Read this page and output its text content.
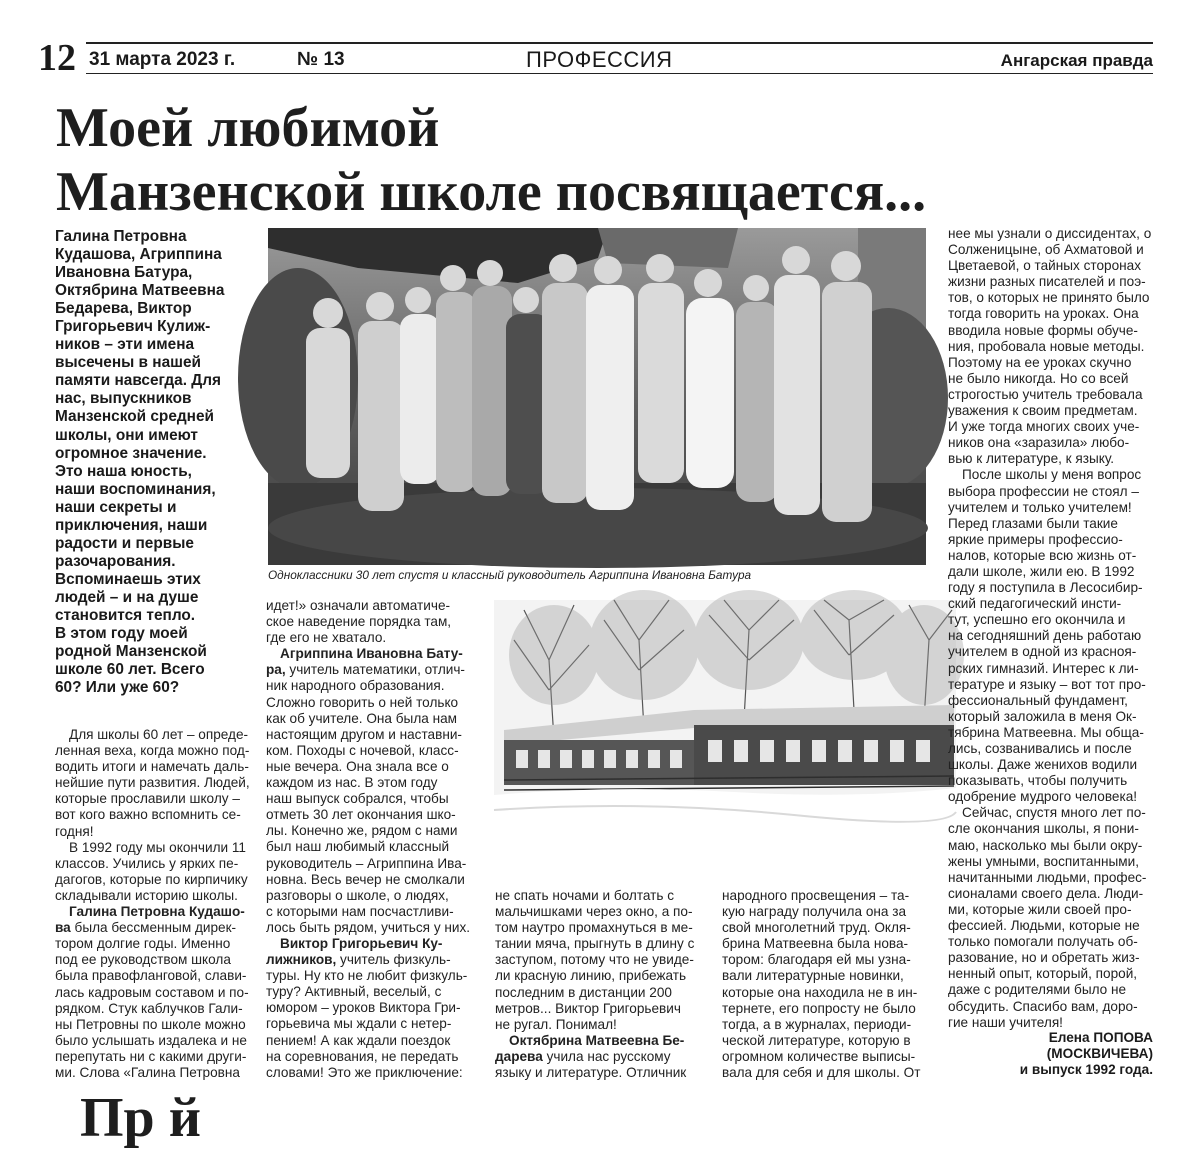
12 31 марта 2023 г.	№ 13	ПРОФЕССИЯ	Ангарская правда
Моей любимой
Манзенской школе посвящается...

Галина Петровна

Кудашова, Агриппина

Ивановна Батура,

Октябрина Матвеевна

Бедарева, Виктор

Григорьевич Кулиж-

ников – эти имена

высечены в нашей

памяти навсегда. Для

нас, выпускников

Манзенской средней

школы, они имеют

огромное значение.

Это наша юность,

наши воспоминания,

наши секреты и

приключения, наши

радости и первые

разочарования.

Вспоминаешь этих

людей – и на душе

становится тепло.

В этом году моей

родной Манзенской

школе 60 лет. Всего

60? Или уже 60?

Одноклассники 30 лет спустя и классный руководитель Агриппина Ивановна Батура

Для школы 60 лет – опреде-

ленная веха, когда можно под-

водить итоги и намечать даль-

нейшие пути развития. Людей,

которые прославили школу –

вот кого важно вспомнить се-

годня!

В 1992 году мы окончили 11

классов. Учились у ярких пе-

дагогов, которые по кирпичику

складывали историю школы.

Галина Петровна Кудашо-

ва была бессменным дирек-

тором долгие годы. Именно

под ее руководством школа

была правофланговой, слави-

лась кадровым составом и по-

рядком. Стук каблучков Гали-

ны Петровны по школе можно

было услышать издалека и не

перепутать ни с какими други-

ми. Слова «Галина Петровна

идет!» означали автоматиче-

ское наведение порядка там,

где его не хватало.

Агриппина Ивановна Бату-

ра, учитель математики, отлич-

ник народного образования.

Сложно говорить о ней только

как об учителе. Она была нам

настоящим другом и наставни-

ком. Походы с ночевой, класс-

ные вечера. Она знала все о

каждом из нас. В этом году

наш выпуск собрался, чтобы

отметь 30 лет окончания шко-

лы. Конечно же, рядом с нами

был наш любимый классный

руководитель – Агриппина Ива-

новна. Весь вечер не смолкали

разговоры о школе, о людях,

с которыми нам посчастливи-

лось быть рядом, учиться у них.

Виктор Григорьевич Ку-

лижников, учитель физкуль-

туры. Ну кто не любит физкуль-

туру? Активный, веселый, с

юмором – уроков Виктора Гри-

горьевича мы ждали с нетер-

пением! А как ждали поездок

на соревнования, не передать

словами! Это же приключение:

не спать ночами и болтать с

мальчишками через окно, а по-

том наутро промахнуться в ме-

тании мяча, прыгнуть в длину с

заступом, потому что не увиде-

ли красную линию, прибежать

последним в дистанции 200

метров... Виктор Григорьевич

не ругал. Понимал!

Октябрина Матвеевна Бе-

дарева учила нас русскому

языку и литературе. Отличник

народного просвещения – та-

кую награду получила она за

свой многолетний труд. Окля-

брина Матвеевна была нова-

тором: благодаря ей мы узна-

вали литературные новинки,

которые она находила не в ин-

тернете, его попросту не было

тогда, а в журналах, периоди-

ческой литературе, которую в

огромном количестве выписы-

вала для себя и для школы. От

нее мы узнали о диссидентах, о

Солженицыне, об Ахматовой и

Цветаевой, о тайных сторонах

жизни разных писателей и поэ-

тов, о которых не принято было

тогда говорить на уроках. Она

вводила новые формы обуче-

ния, пробовала новые методы.

Поэтому на ее уроках скучно

не было никогда. Но со всей

строгостью учитель требовала

уважения к своим предметам.

И уже тогда многих своих уче-

ников она «заразила» любо-

вью к литературе, к языку.

После школы у меня вопрос

выбора профессии не стоял –

учителем и только учителем!

Перед глазами были такие

яркие примеры профессио-

налов, которые всю жизнь от-

дали школе, жили ею. В 1992

году я поступила в Лесосибир-

ский педагогический инсти-

тут, успешно его окончила и

на сегодняшний день работаю

учителем в одной из красноя-

рских гимназий. Интерес к ли-

тературе и языку – вот тот про-

фессиональный фундамент,

который заложила в меня Ок-

тябрина Матвеевна. Мы обща-

лись, созванивались и после

школы. Даже женихов водили

показывать, чтобы получить

одобрение мудрого человека!

Сейчас, спустя много лет по-

сле окончания школы, я пони-

маю, насколько мы были окру-

жены умными, воспитанными,

начитанными людьми, профес-

сионалами своего дела. Люди-

ми, которые жили своей про-

фессией. Людьми, которые не

только помогали получать об-

разование, но и обретать жиз-

ненный опыт, который, порой,

даже с родителями было не

обсудить. Спасибо вам, доро-

гие наши учителя!

Елена ПОПОВА
(МОСКВИЧЕВА)
и выпуск 1992 года.
Пр й
